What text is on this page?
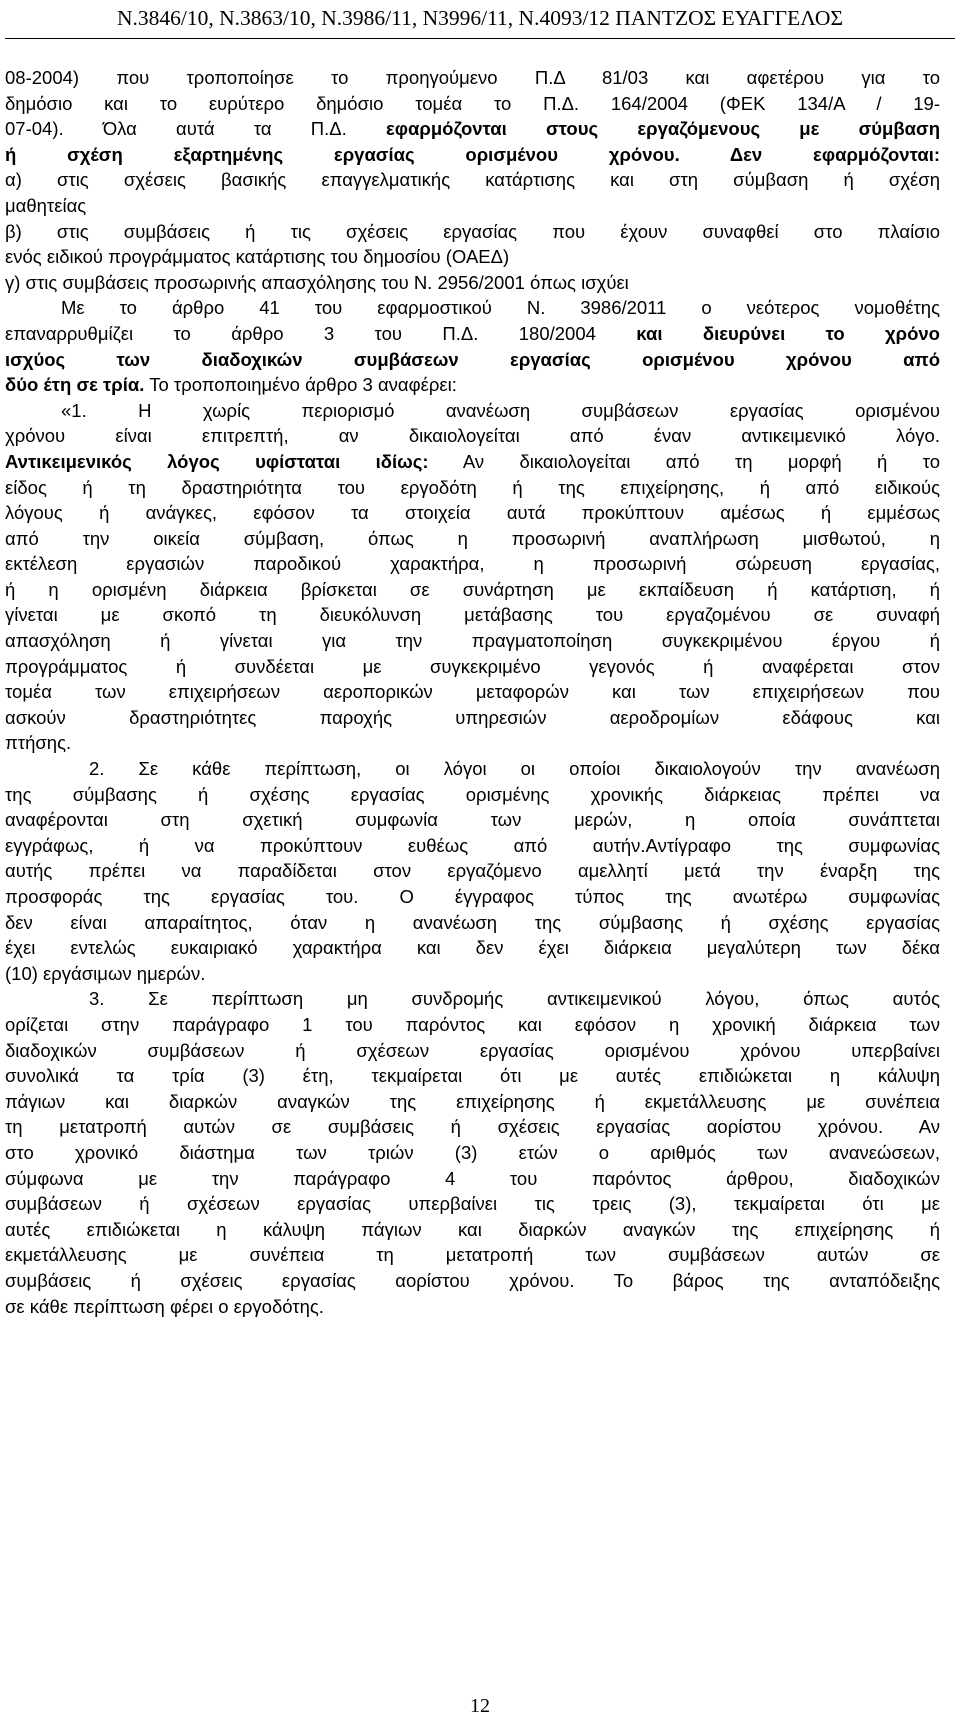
Ν.3846/10, Ν.3863/10, Ν.3986/11, Ν3996/11, Ν.4093/12 ΠΑΝΤΖΟΣ ΕΥΑΓΓΕΛΟΣ

08-2004) που τροποποίησε το προηγούμενο Π.Δ 81/03 και αφετέρου για το

δημόσιο και το ευρύτερο δημόσιο τομέα το Π.Δ. 164/2004 (ΦΕΚ 134/Α / 19-

07-04). Όλα αυτά τα Π.Δ. εφαρμόζονται στους εργαζόμενους με σύμβαση

ή σχέση εξαρτημένης εργασίας ορισμένου χρόνου. Δεν εφαρμόζονται:

α) στις σχέσεις βασικής επαγγελματικής κατάρτισης και στη σύμβαση ή σχέση

μαθητείας

β) στις συμβάσεις ή τις σχέσεις εργασίας που έχουν συναφθεί στο πλαίσιο

ενός ειδικού προγράμματος κατάρτισης του δημοσίου (ΟΑΕΔ)

γ) στις συμβάσεις προσωρινής απασχόλησης του Ν. 2956/2001 όπως ισχύει

Με το άρθρο 41 του εφαρμοστικού Ν. 3986/2011 ο νεότερος νομοθέτης

επαναρρυθμίζει το άρθρο 3 του Π.Δ. 180/2004 και διευρύνει το χρόνο

ισχύος των διαδοχικών συμβάσεων εργασίας ορισμένου χρόνου από

δύο έτη σε τρία. Το τροποποιημένο άρθρο 3 αναφέρει:

«1. Η χωρίς περιορισμό ανανέωση συμβάσεων εργασίας ορισμένου

χρόνου είναι επιτρεπτή, αν δικαιολογείται από έναν αντικειμενικό λόγο.

Αντικειμενικός λόγος υφίσταται ιδίως: Αν δικαιολογείται από τη μορφή ή το

είδος ή τη δραστηριότητα του εργοδότη ή της επιχείρησης, ή από ειδικούς

λόγους ή ανάγκες, εφόσον τα στοιχεία αυτά προκύπτουν αμέσως ή εμμέσως

από την οικεία σύμβαση, όπως η προσωρινή αναπλήρωση μισθωτού, η

εκτέλεση εργασιών παροδικού χαρακτήρα, η προσωρινή σώρευση εργασίας,

ή η ορισμένη διάρκεια βρίσκεται σε συνάρτηση με εκπαίδευση ή κατάρτιση, ή

γίνεται με σκοπό τη διευκόλυνση μετάβασης του εργαζομένου σε συναφή

απασχόληση ή γίνεται για την πραγματοποίηση συγκεκριμένου έργου ή

προγράμματος ή συνδέεται με συγκεκριμένο γεγονός ή αναφέρεται στον

τομέα των επιχειρήσεων αεροπορικών μεταφορών και των επιχειρήσεων που

ασκούν δραστηριότητες παροχής υπηρεσιών αεροδρομίων εδάφους και

πτήσης.

2. Σε κάθε περίπτωση, οι λόγοι οι οποίοι δικαιολογούν την ανανέωση

της σύμβασης ή σχέσης εργασίας ορισμένης χρονικής διάρκειας πρέπει να

αναφέρονται στη σχετική συμφωνία των μερών, η οποία συνάπτεται

εγγράφως, ή να προκύπτουν ευθέως από αυτήν.Αντίγραφο της συμφωνίας

αυτής πρέπει να παραδίδεται στον εργαζόμενο αμελλητί μετά την έναρξη της

προσφοράς της εργασίας του. Ο έγγραφος τύπος της ανωτέρω συμφωνίας

δεν είναι απαραίτητος, όταν η ανανέωση της σύμβασης ή σχέσης εργασίας

έχει εντελώς ευκαιριακό χαρακτήρα και δεν έχει διάρκεια μεγαλύτερη των δέκα

(10) εργάσιμων ημερών.

3. Σε περίπτωση μη συνδρομής αντικειμενικού λόγου, όπως αυτός

ορίζεται στην παράγραφο 1 του παρόντος και εφόσον η χρονική διάρκεια των

διαδοχικών συμβάσεων ή σχέσεων εργασίας ορισμένου χρόνου υπερβαίνει

συνολικά τα τρία (3) έτη, τεκμαίρεται ότι με αυτές επιδιώκεται η κάλυψη

πάγιων και διαρκών αναγκών της επιχείρησης ή εκμετάλλευσης με συνέπεια

τη μετατροπή αυτών σε συμβάσεις ή σχέσεις εργασίας αορίστου χρόνου. Αν

στο χρονικό διάστημα των τριών (3) ετών ο αριθμός των ανανεώσεων,

σύμφωνα με την παράγραφο 4 του παρόντος άρθρου, διαδοχικών

συμβάσεων ή σχέσεων εργασίας υπερβαίνει τις τρεις (3), τεκμαίρεται ότι με

αυτές επιδιώκεται η κάλυψη πάγιων και διαρκών αναγκών της επιχείρησης ή

εκμετάλλευσης με συνέπεια τη μετατροπή των συμβάσεων αυτών σε

συμβάσεις ή σχέσεις εργασίας αορίστου χρόνου. Το βάρος της ανταπόδειξης

σε κάθε περίπτωση φέρει ο εργοδότης.

12
